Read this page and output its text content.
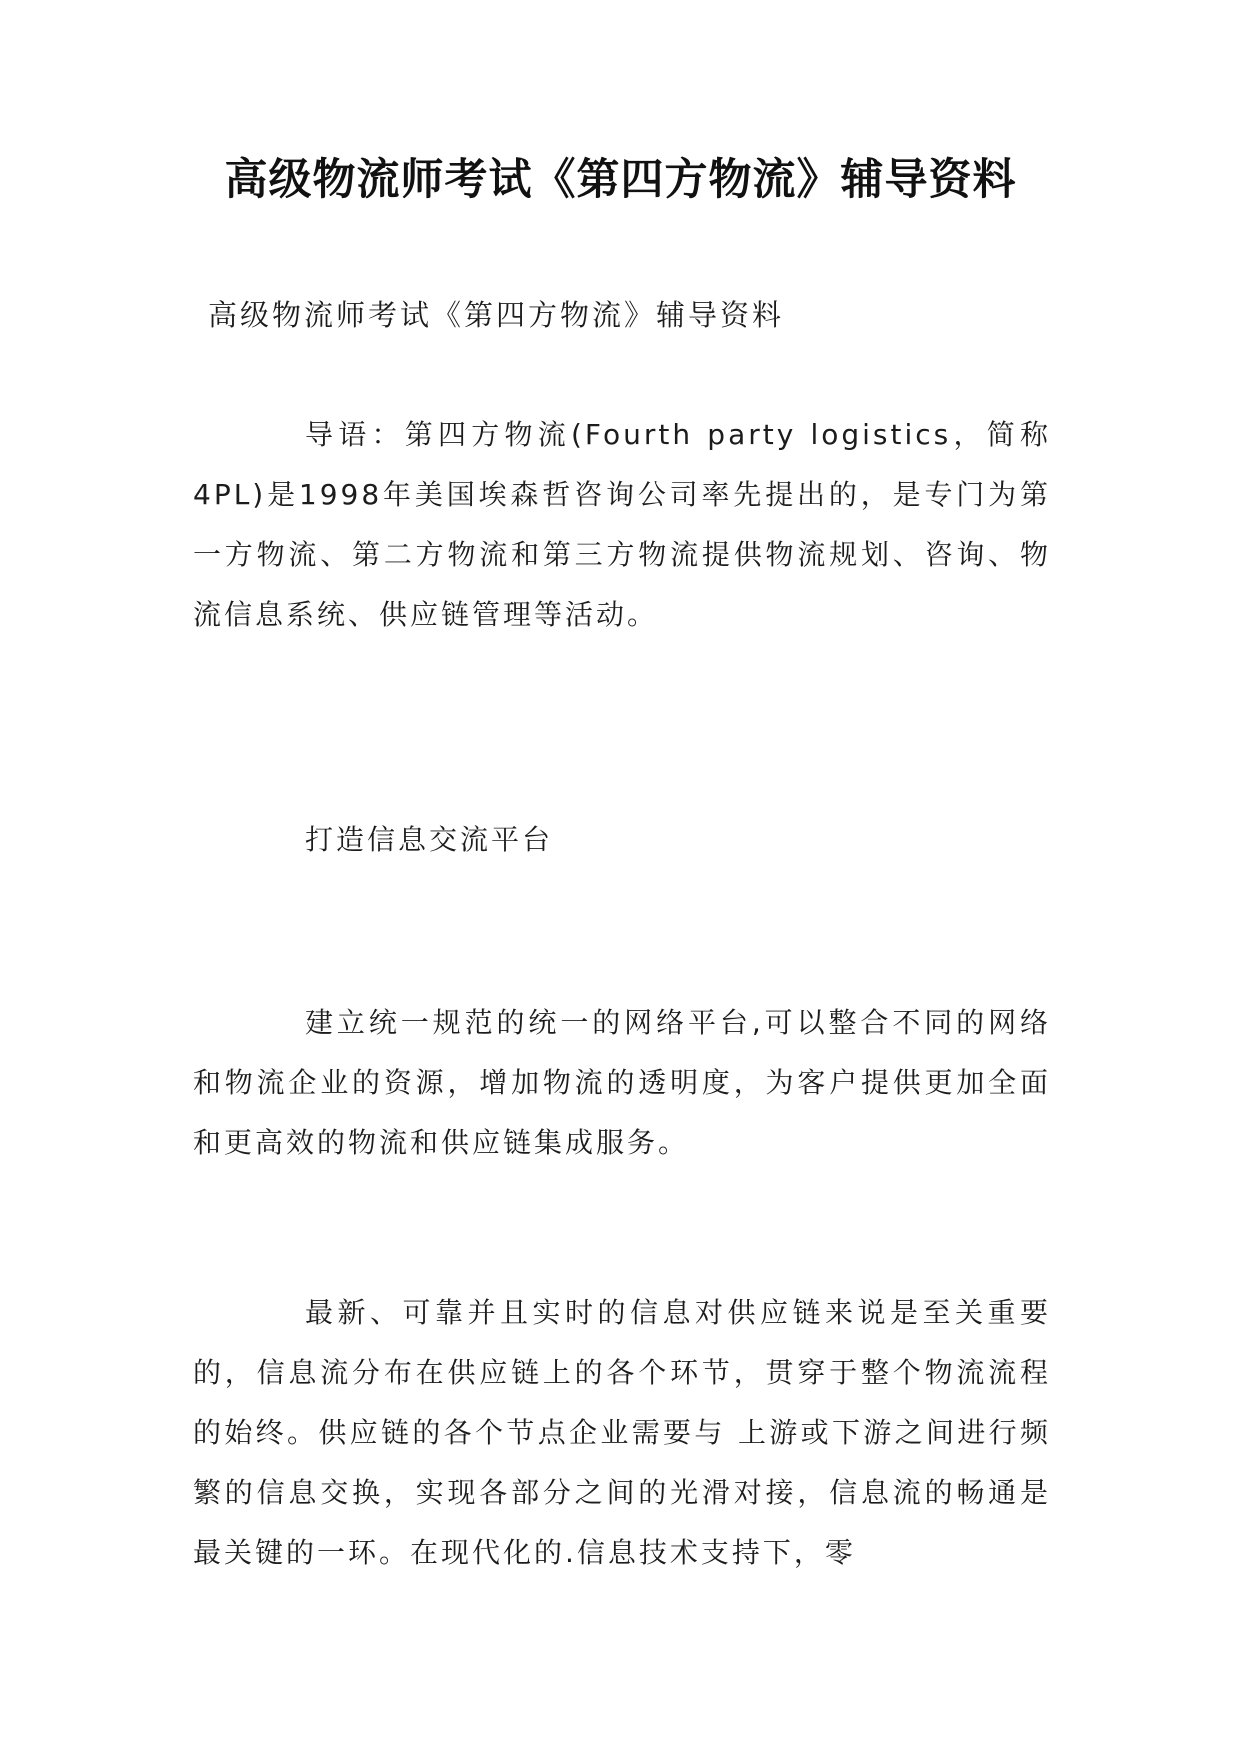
高级物流师考试《第四方物流》辅导资料
高级物流师考试《第四方物流》辅导资料
导语：第四方物流(Fourth party logistics，简称4PL)是1998年美国埃森哲咨询公司率先提出的，是专门为第一方物流、第二方物流和第三方物流提供物流规划、咨询、物流信息系统、供应链管理等活动。
打造信息交流平台
建立统一规范的统一的网络平台,可以整合不同的网络和物流企业的资源，增加物流的透明度，为客户提供更加全面和更高效的物流和供应链集成服务。
最新、可靠并且实时的信息对供应链来说是至关重要的，信息流分布在供应链上的各个环节，贯穿于整个物流流程的始终。供应链的各个节点企业需要与 上游或下游之间进行频繁的信息交换，实现各部分之间的光滑对接，信息流的畅通是最关键的一环。在现代化的.信息技术支持下，零
